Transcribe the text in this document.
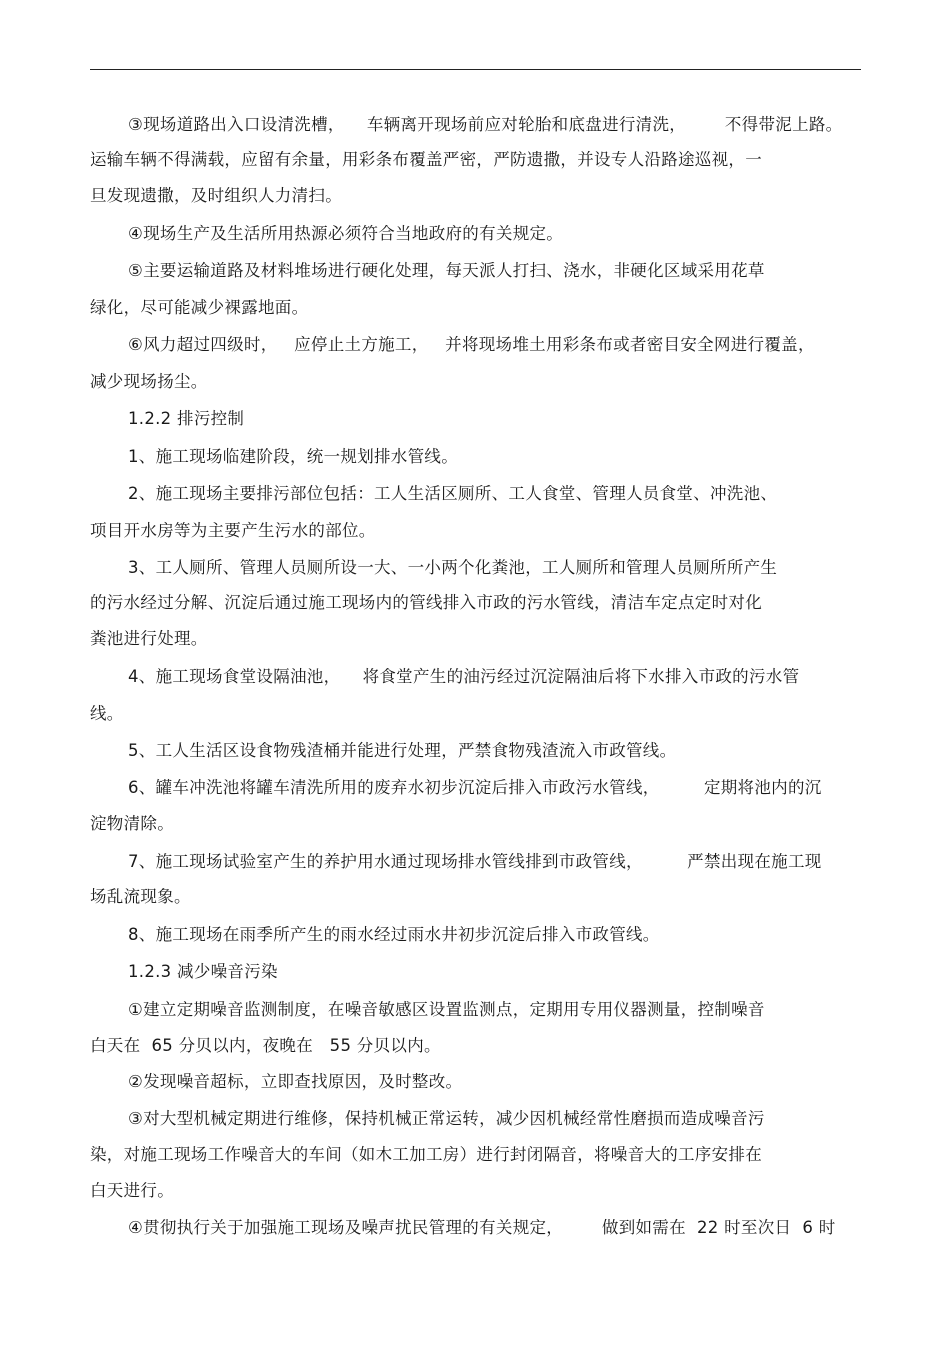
③现场道路出入口设清洗槽，    车辆离开现场前应对轮胎和底盘进行清洗，       不得带泥上路。
运输车辆不得满载，应留有余量，用彩条布覆盖严密，严防遗撒，并设专人沿路途巡视，一
旦发现遗撒，及时组织人力清扫。
④现场生产及生活所用热源必须符合当地政府的有关规定。
⑤主要运输道路及材料堆场进行硬化处理，每天派人打扫、浇水，非硬化区域采用花草
绿化，尽可能减少裸露地面。
⑥风力超过四级时，   应停止土方施工，   并将现场堆土用彩条布或者密目安全网进行覆盖，
减少现场扬尘。
1.2.2 排污控制
1、施工现场临建阶段，统一规划排水管线。
2、施工现场主要排污部位包括：工人生活区厕所、工人食堂、管理人员食堂、冲洗池、
项目开水房等为主要产生污水的部位。
3、工人厕所、管理人员厕所设一大、一小两个化粪池，工人厕所和管理人员厕所所产生
的污水经过分解、沉淀后通过施工现场内的管线排入市政的污水管线，清洁车定点定时对化
粪池进行处理。
4、施工现场食堂设隔油池，    将食堂产生的油污经过沉淀隔油后将下水排入市政的污水管
线。
5、工人生活区设食物残渣桶并能进行处理，严禁食物残渣流入市政管线。
6、罐车冲洗池将罐车清洗所用的废弃水初步沉淀后排入市政污水管线，        定期将池内的沉
淀物清除。
7、施工现场试验室产生的养护用水通过现场排水管线排到市政管线，        严禁出现在施工现
场乱流现象。
8、施工现场在雨季所产生的雨水经过雨水井初步沉淀后排入市政管线。
1.2.3 减少噪音污染
①建立定期噪音监测制度，在噪音敏感区设置监测点，定期用专用仪器测量，控制噪音
白天在  65 分贝以内，夜晚在   55 分贝以内。
②发现噪音超标，立即查找原因，及时整改。
③对大型机械定期进行维修，保持机械正常运转，减少因机械经常性磨损而造成噪音污
染，对施工现场工作噪音大的车间（如木工加工房）进行封闭隔音，将噪音大的工序安排在
白天进行。
④贯彻执行关于加强施工现场及噪声扰民管理的有关规定，       做到如需在  22 时至次日  6 时
